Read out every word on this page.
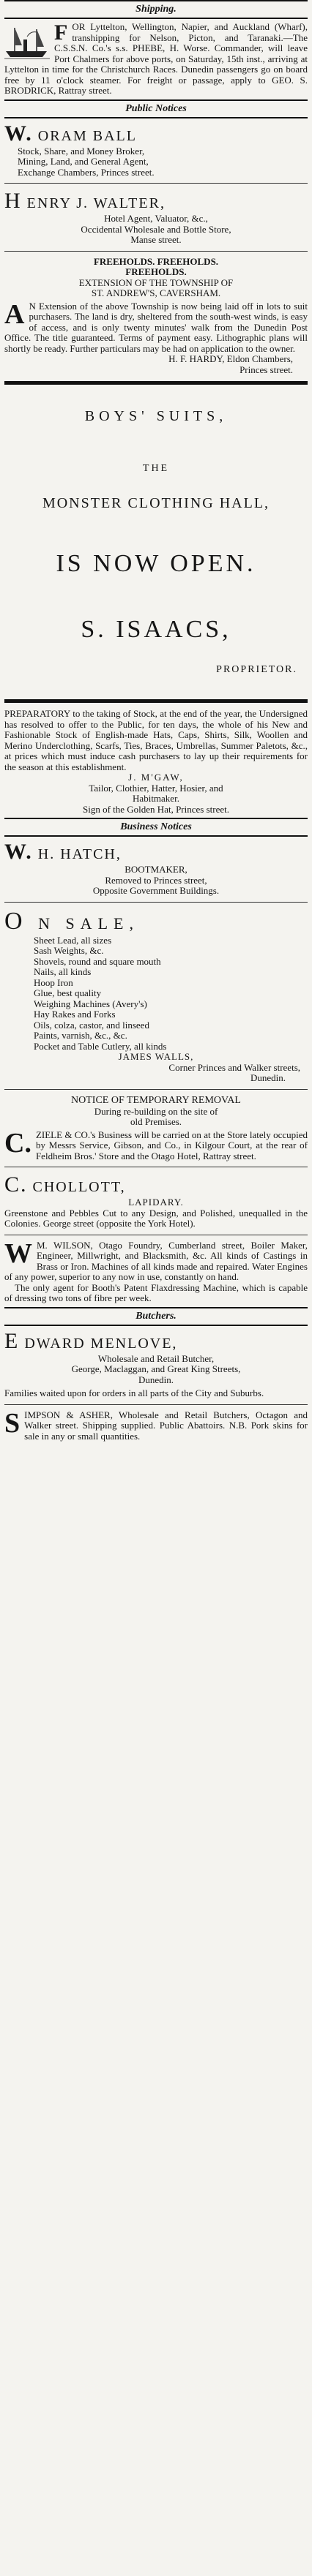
Shipping.
F OR Lyttelton, Wellington, Napier, and Auckland (Wharf), transhipping for Nelson, Picton, and Taranaki.—The C.S.S.N. Co.'s s.s. PHEBE, H. Worse. Commander, will leave Port Chalmers for above ports, on Saturday, 15th inst., arriving at Lyttelton in time for the Christchurch Races. Dunedin passengers go on board free by 11 o'clock steamer. For freight or passage, apply to GEO. S. BRODRICK, Rattray street.
Public Notices
W. ORAM BALL
Stock, Share, and Money Broker,
Mining, Land, and General Agent,
Exchange Chambers, Princes street.
H ENRY J. WALTER,
Hotel Agent, Valuator, &c.,
Occidental Wholesale and Bottle Store,
Manse street.
FREEHOLDS. FREEHOLDS.
FREEHOLDS.
EXTENSION OF THE TOWNSHIP OF
ST. ANDREW'S, CAVERSHAM.
A N Extension of the above Township is now being laid off in lots to suit purchasers. The land is dry, sheltered from the south-west winds, is easy of access, and is only twenty minutes' walk from the Dunedin Post Office. The title guaranteed. Terms of payment easy. Lithographic plans will shortly be ready. Further particulars may be had on application to the owner.
H. F. HARDY, Eldon Chambers,
Princes street.
BOYS' SUITS,
THE
MONSTER CLOTHING HALL,
IS NOW OPEN.
S. ISAACS,
PROPRIETOR.
PREPARATORY to the taking of Stock, at the end of the year, the Undersigned has resolved to offer to the Public, for ten days, the whole of his New and Fashionable Stock of English-made Hats, Caps, Shirts, Silk, Woollen and Merino Underclothing, Scarfs, Ties, Braces, Umbrellas, Summer Paletots, &c., at prices which must induce cash purchasers to lay up their requirements for the season at this establishment.
J. M'GAW,
Tailor, Clothier, Hatter, Hosier, and
Habitmaker.
Sign of the Golden Hat, Princes street.
Business Notices
W. H. HATCH,
BOOTMAKER,
Removed to Princes street,
Opposite Government Buildings.
O N SALE,
Sheet Lead, all sizes
Sash Weights, &c.
Shovels, round and square mouth
Nails, all kinds
Hoop Iron
Glue, best quality
Weighing Machines (Avery's)
Hay Rakes and Forks
Oils, colza, castor, and linseed
Paints, varnish, &c., &c.
Pocket and Table Cutlery, all kinds
JAMES WALLS,
Corner Princes and Walker streets,
Dunedin.
NOTICE OF TEMPORARY REMOVAL
During re-building on the site of
old Premises.
C. ZIELE & CO.'s Business will be carried on at the Store lately occupied by Messrs Service, Gibson, and Co., in Kilgour Court, at the rear of Feldheim Bros.' Store and the Otago Hotel, Rattray street.
C. CHOLLOTT,
LAPIDARY.
Greenstone and Pebbles Cut to any Design, and Polished, unequalled in the Colonies. George street (opposite the York Hotel).
W M. WILSON, Otago Foundry, Cumberland street, Boiler Maker, Engineer, Millwright, and Blacksmith, &c. All kinds of Castings in Brass or Iron. Machines of all kinds made and repaired. Water Engines of any power, superior to any now in use, constantly on hand.
The only agent for Booth's Patent Flaxdressing Machine, which is capable of dressing two tons of fibre per week.
Butchers.
E DWARD MENLOVE,
Wholesale and Retail Butcher,
George, Maclaggan, and Great King Streets,
Dunedin.
Families waited upon for orders in all parts of the City and Suburbs.
S IMPSON & ASHER, Wholesale and Retail Butchers, Octagon and Walker street. Shipping supplied. Public Abattoirs. N.B. Pork skins for sale in any or small quantities.
